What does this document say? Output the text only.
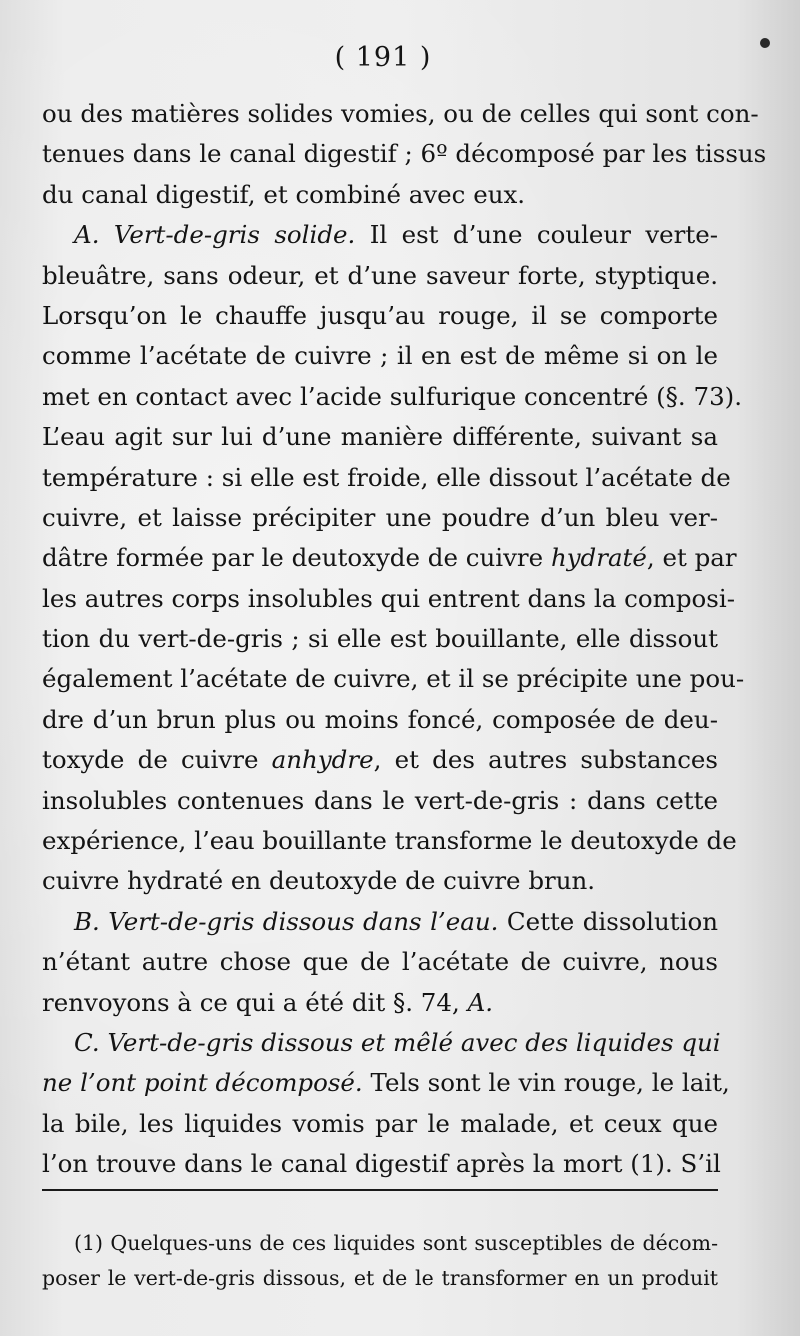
( 191 )
ou des matières solides vomies, ou de celles qui sont con-
tenues dans le canal digestif ; 6º décomposé par les tissus
du canal digestif, et combiné avec eux.
A. Vert-de-gris solide. Il est d’une couleur verte-
bleuâtre, sans odeur, et d’une saveur forte, styptique.
Lorsqu’on le chauffe jusqu’au rouge, il se comporte
comme l’acétate de cuivre ; il en est de même si on le
met en contact avec l’acide sulfurique concentré (§. 73).
L’eau agit sur lui d’une manière différente, suivant sa
température : si elle est froide, elle dissout l’acétate de
cuivre, et laisse précipiter une poudre d’un bleu ver-
dâtre formée par le deutoxyde de cuivre hydraté, et par
les autres corps insolubles qui entrent dans la composi-
tion du vert-de-gris ; si elle est bouillante, elle dissout
également l’acétate de cuivre, et il se précipite une pou-
dre d’un brun plus ou moins foncé, composée de deu-
toxyde de cuivre anhydre, et des autres substances
insolubles contenues dans le vert-de-gris : dans cette
expérience, l’eau bouillante transforme le deutoxyde de
cuivre hydraté en deutoxyde de cuivre brun.
B. Vert-de-gris dissous dans l’eau. Cette dissolution
n’étant autre chose que de l’acétate de cuivre, nous
renvoyons à ce qui a été dit §. 74, A.
C. Vert-de-gris dissous et mêlé avec des liquides qui
ne l’ont point décomposé. Tels sont le vin rouge, le lait,
la bile, les liquides vomis par le malade, et ceux que
l’on trouve dans le canal digestif après la mort (1). S’il
(1) Quelques-uns de ces liquides sont susceptibles de décom-
poser le vert-de-gris dissous, et de le transformer en un produit
